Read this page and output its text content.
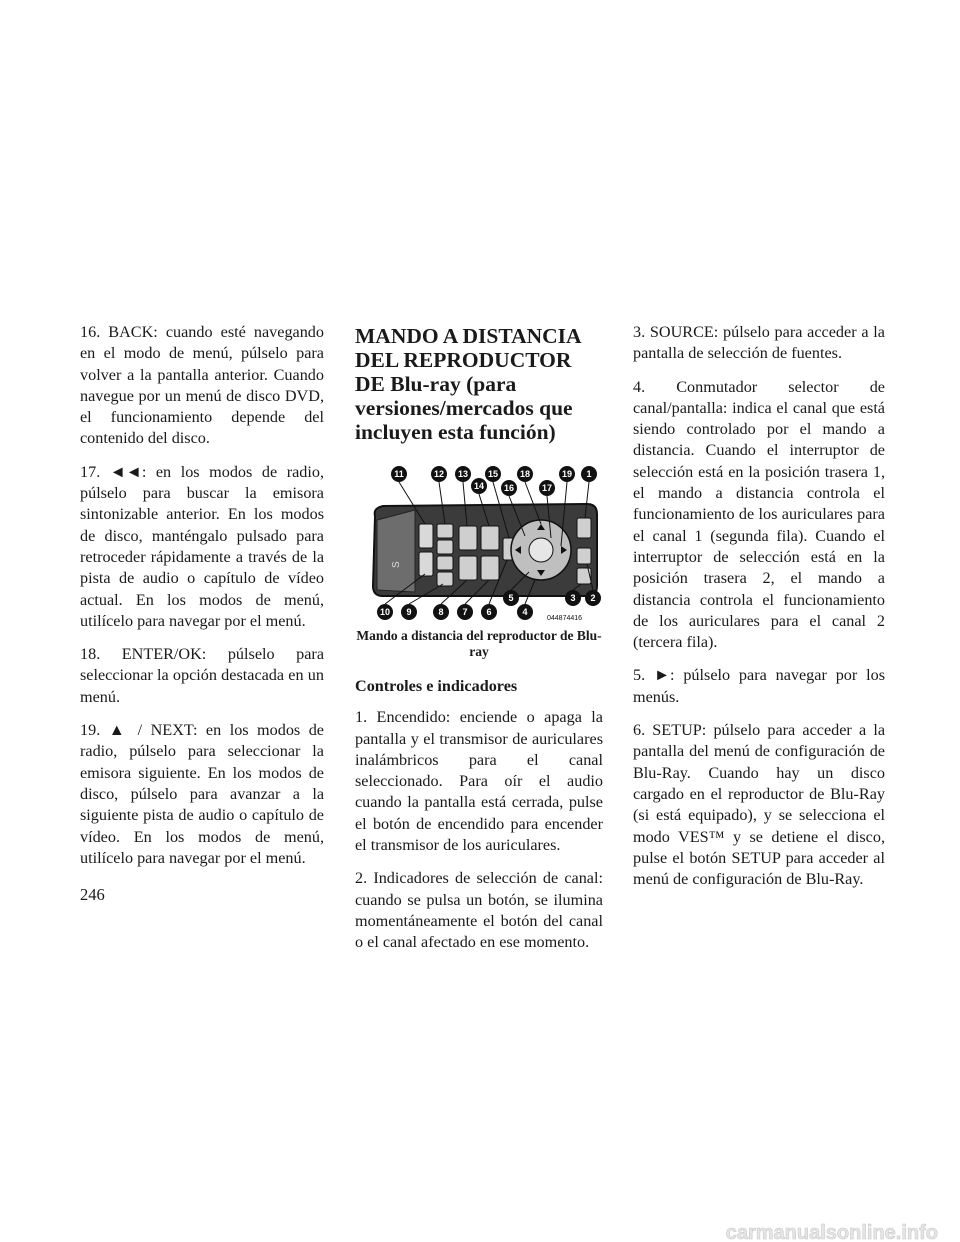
16. BACK: cuando esté navegando en el modo de menú, púlselo para volver a la pantalla anterior. Cuando navegue por un menú de disco DVD, el funcionamiento depende del contenido del disco.

17. ◄◄: en los modos de radio, púlselo para buscar la emisora sintonizable anterior. En los modos de disco, manténgalo pulsado para retroceder rápidamente a través de la pista de audio o capítulo de vídeo actual. En los modos de menú, utilícelo para navegar por el menú.

18. ENTER/OK: púlselo para seleccionar la opción destacada en un menú.

19. ▲ / NEXT: en los modos de radio, púlselo para seleccionar la emisora siguiente. En los modos de disco, púlselo para avanzar a la siguiente pista de audio o capítulo de vídeo. En los modos de menú, utilícelo para navegar por el menú.

MANDO A DISTANCIA DEL REPRODUCTOR DE Blu-ray (para versiones/mercados que incluyen esta función)
S
11	12 13
14
15
16
18
17
19 1
10 9	8 7 6
5
4
3 2
044874416
Mando a distancia del reproductor de Blu-ray
Controles e indicadores

1. Encendido: enciende o apaga la pantalla y el transmisor de auriculares inalámbricos para el canal seleccionado. Para oír el audio cuando la pantalla está cerrada, pulse el botón de encendido para encender el transmisor de los auriculares.

2. Indicadores de selección de canal: cuando se pulsa un botón, se ilumina momentáneamente el botón del canal o el canal afectado en ese momento.

3. SOURCE: púlselo para acceder a la pantalla de selección de fuentes.

4. Conmutador selector de canal/pantalla: indica el canal que está siendo controlado por el mando a distancia. Cuando el interruptor de selección está en la posición trasera 1, el mando a distancia controla el funcionamiento de los auriculares para el canal 1 (segunda fila). Cuando el interruptor de selección está en la posición trasera 2, el mando a distancia controla el funcionamiento de los auriculares para el canal 2 (tercera fila).

5. ►: púlselo para navegar por los menús.

6. SETUP: púlselo para acceder a la pantalla del menú de configuración de Blu-Ray. Cuando hay un disco cargado en el reproductor de Blu-Ray (si está equipado), y se selecciona el modo VES™ y se detiene el disco, pulse el botón SETUP para acceder al menú de configuración de Blu-Ray.

246
carmanualsonline.info
